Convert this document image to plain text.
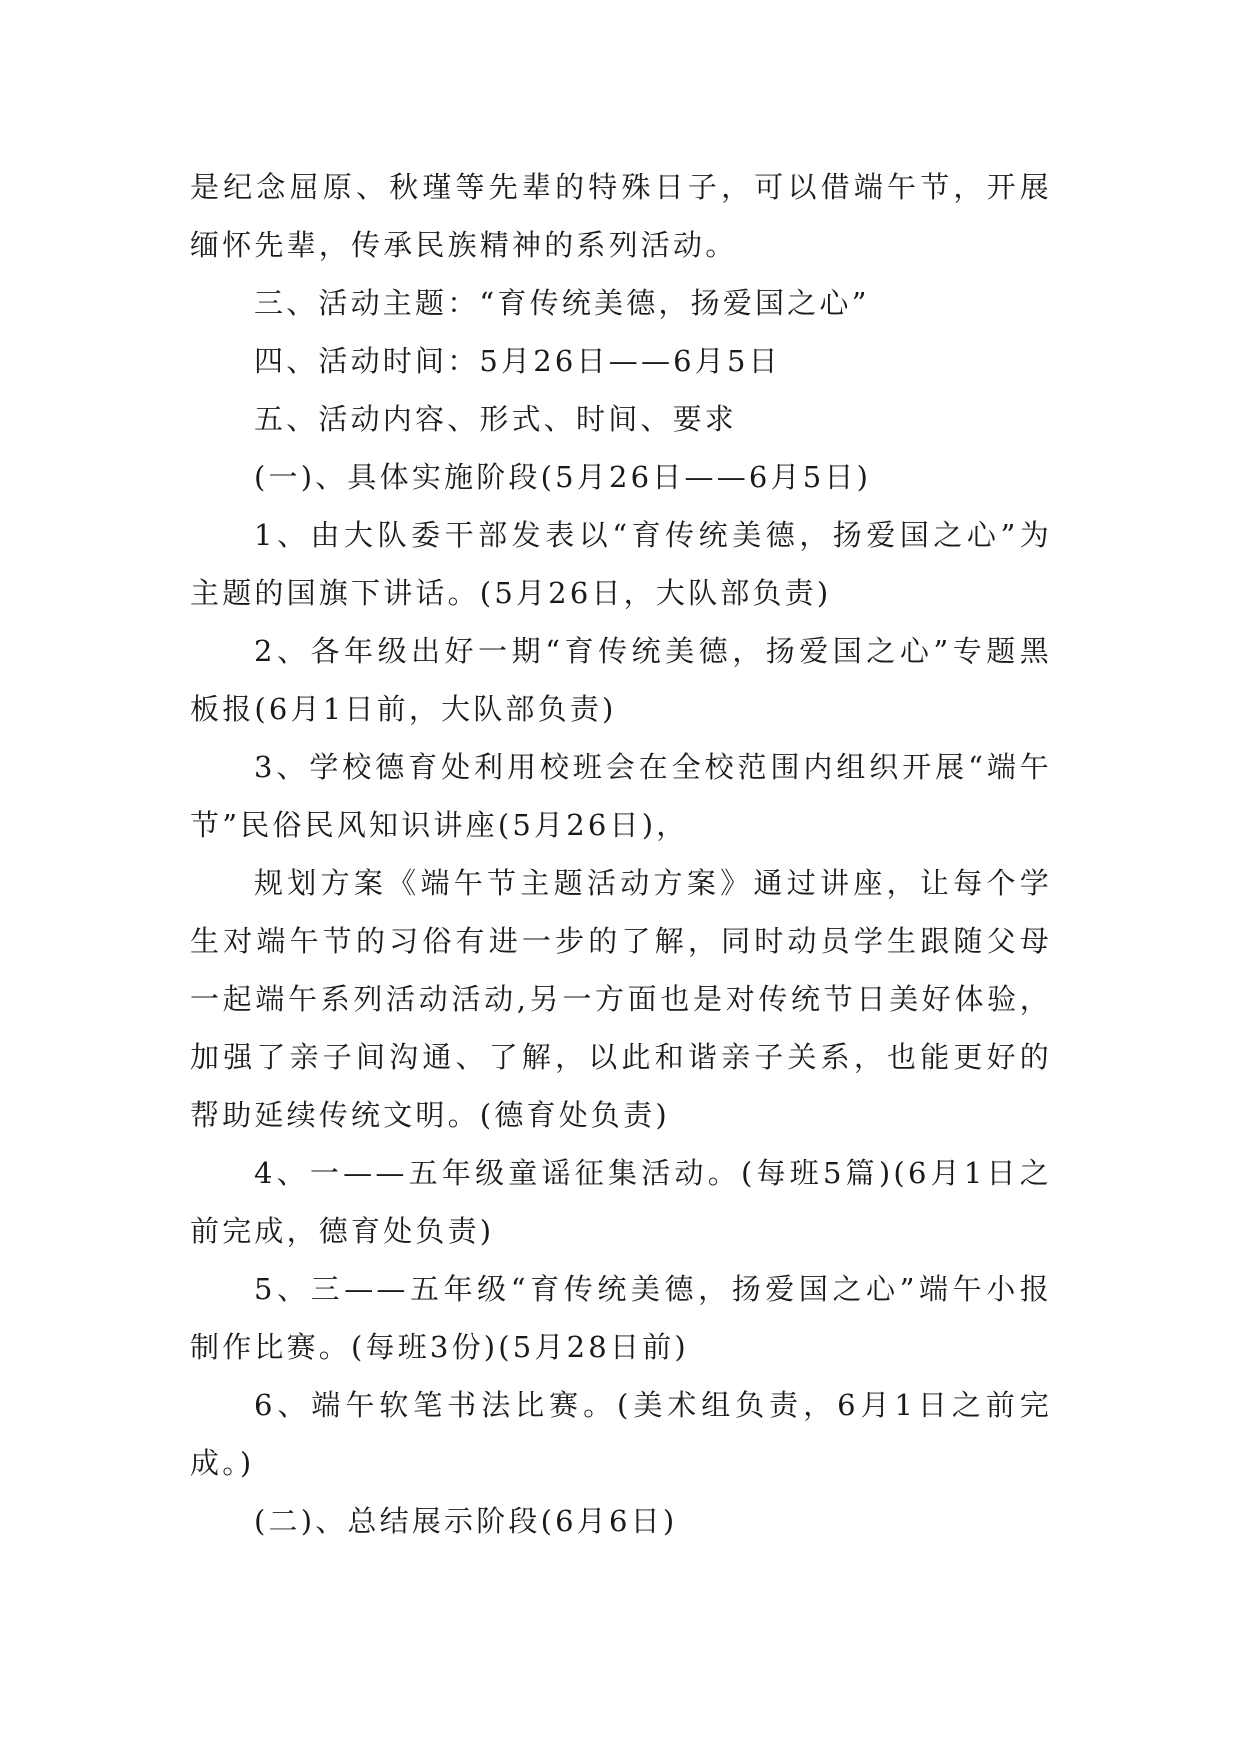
是纪念屈原、秋瑾等先辈的特殊日子，可以借端午节，开展缅怀先辈，传承民族精神的系列活动。

三、活动主题：“育传统美德，扬爱国之心”

四、活动时间：5月26日——6月5日

五、活动内容、形式、时间、要求

(一)、具体实施阶段(5月26日——6月5日)

1、由大队委干部发表以“育传统美德，扬爱国之心”为主题的国旗下讲话。(5月26日，大队部负责)

2、各年级出好一期“育传统美德，扬爱国之心”专题黑板报(6月1日前，大队部负责)

3、学校德育处利用校班会在全校范围内组织开展“端午节”民俗民风知识讲座(5月26日)，

规划方案《端午节主题活动方案》通过讲座，让每个学生对端午节的习俗有进一步的了解，同时动员学生跟随父母一起端午系列活动活动,另一方面也是对传统节日美好体验，加强了亲子间沟通、了解，以此和谐亲子关系，也能更好的帮助延续传统文明。(德育处负责)

4、一——五年级童谣征集活动。(每班5篇)(6月1日之前完成，德育处负责)

5、三——五年级“育传统美德，扬爱国之心”端午小报制作比赛。(每班3份)(5月28日前)

6、端午软笔书法比赛。(美术组负责，6月1日之前完成。)

(二)、总结展示阶段(6月6日)
